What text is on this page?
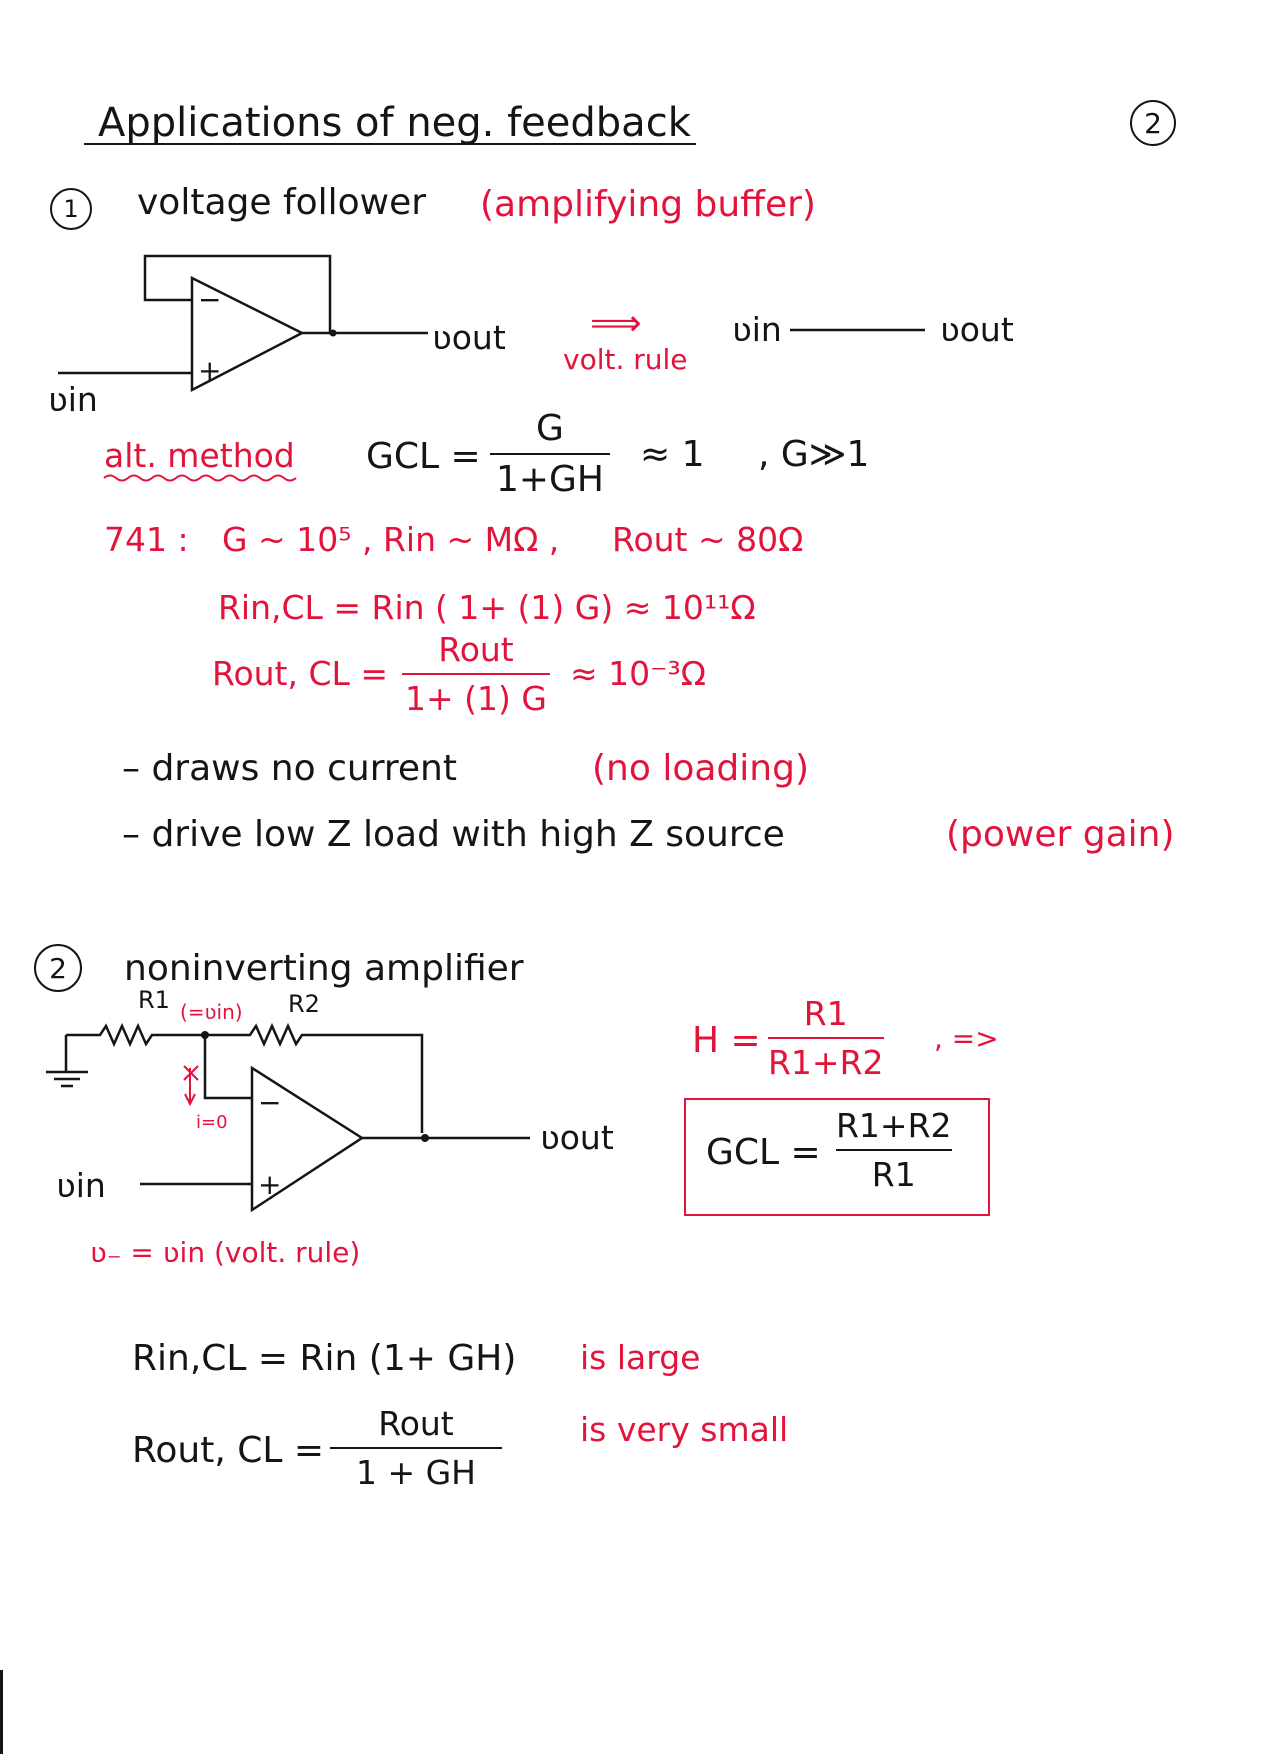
2
Applications of neg. feedback
1 voltage follower (amplifying buffer)
−
+
ʋout
ʋin
⟹
volt. rule
ʋin	ʋout
alt. method GCL =
G
1+GH
≈ 1 , G≫1
741 : G ~ 10⁵ , Rin ~ MΩ , Rout ~ 80Ω
Rin,CL = Rin ( 1+ (1) G) ≈ 10¹¹Ω
Rout, CL =
Rout
1+ (1) G
≈ 10⁻³Ω
– draws no current	(no loading)
– drive low Z load with high Z source	(power gain)
2 noninverting amplifier
R1 (=ʋin) R2
i=0
−
+
ʋout
ʋin
ʋ₋ = ʋin (volt. rule)
H =
R1
R1+R2
, =>
GCL =
R1+R2
R1
Rin,CL = Rin (1+ GH) is large
Rout, CL =
Rout
1 + GH
is very small
